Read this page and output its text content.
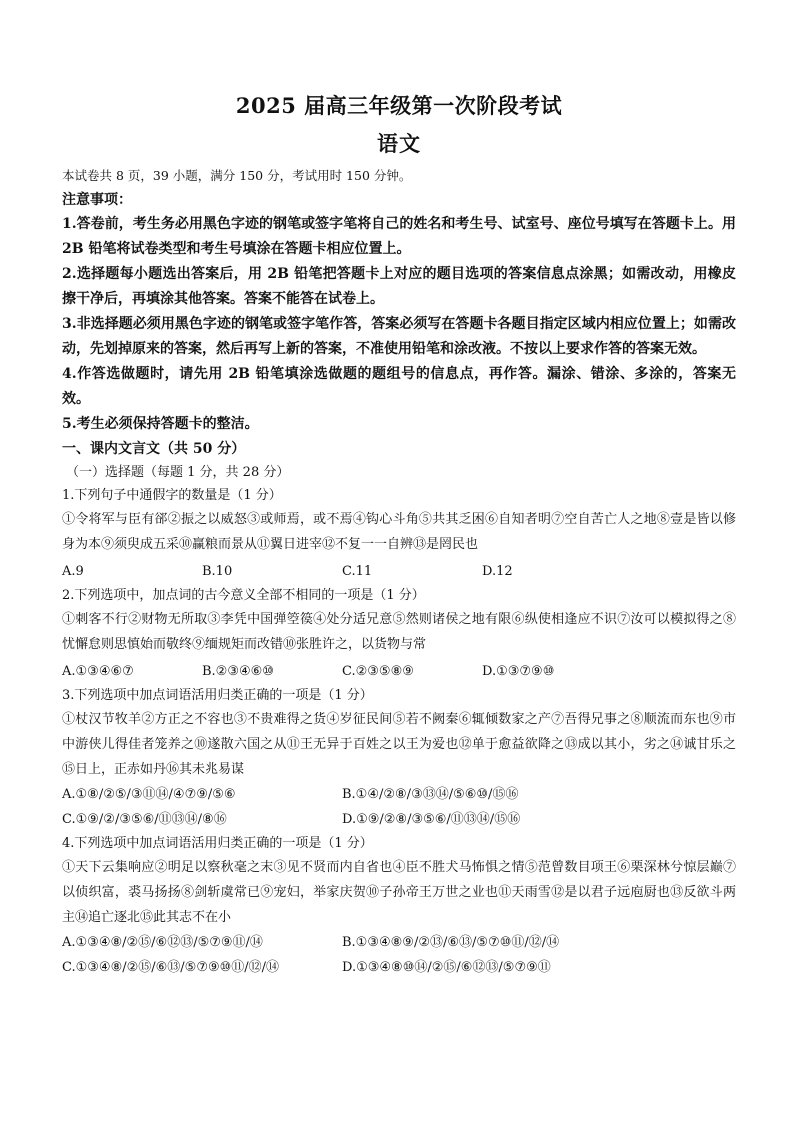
2025 届高三年级第一次阶段考试
语文

本试卷共 8 页，39 小题，满分 150 分，考试用时 150 分钟。

注意事项：

1.答卷前，考生务必用黑色字迹的钢笔或签字笔将自己的姓名和考生号、试室号、座位号填写在答题卡上。用 2B 铅笔将试卷类型和考生号填涂在答题卡相应位置上。

2.选择题每小题选出答案后，用 2B 铅笔把答题卡上对应的题目选项的答案信息点涂黑；如需改动，用橡皮擦干净后，再填涂其他答案。答案不能答在试卷上。

3.非选择题必须用黑色字迹的钢笔或签字笔作答，答案必须写在答题卡各题目指定区域内相应位置上；如需改动，先划掉原来的答案，然后再写上新的答案，不准使用铅笔和涂改液。不按以上要求作答的答案无效。

4.作答选做题时，请先用 2B 铅笔填涂选做题的题组号的信息点，再作答。漏涂、错涂、多涂的，答案无效。

5.考生必须保持答题卡的整洁。

一、课内文言文（共 50 分）

（一）选择题（每题 1 分，共 28 分）

1.下列句子中通假字的数量是（1 分）

①令将军与臣有郤②振之以威怒③或师焉，或不焉④钩心斗角⑤共其乏困⑥自知者明⑦空自苦亡人之地⑧壹是皆以修身为本⑨须臾成五采⑩赢粮而景从⑪翼日进宰⑫不复一一自辨⑬是罔民也

A.9	B.10	C.11	D.12

2.下列选项中，加点词的古今意义全部不相同的一项是（1 分）

①刺客不行②财物无所取③李凭中国弹箜篌④处分适兄意⑤然则诸侯之地有限⑥纵使相逢应不识⑦汝可以模拟得之⑧忧懈怠则思慎始而敬终⑨缅规矩而改错⑩张胜许之，以货物与常

A.①③④⑥⑦	B.②③④⑥⑩	C.②③⑤⑧⑨	D.①③⑦⑨⑩

3.下列选项中加点词语活用归类正确的一项是（1 分）

①杖汉节牧羊②方正之不容也③不贵难得之货④岁征民间⑤若不阙秦⑥辄倾数家之产⑦吾得兄事之⑧顺流而东也⑨市中游侠儿得佳者笼养之⑩遂散六国之从⑪王无异于百姓之以王为爱也⑫单于愈益欲降之⑬成以其小，劣之⑭诚甘乐之⑮日上，正赤如丹⑯其未兆易谋

A.①⑧/②⑤/③⑪⑭/④⑦⑨/⑤⑥	B.①④/②⑧/③⑬⑭/⑤⑥⑩/⑮⑯
C.①⑨/②/③⑤⑥/⑪⑬⑭/⑧⑯	D.①⑨/②⑧/③⑤⑥/⑪⑬⑭/⑮⑯

4.下列选项中加点词语活用归类正确的一项是（1 分）

①天下云集响应②明足以察秋毫之末③见不贤而内自省也④臣不胜犬马怖惧之情⑤范曾数目项王⑥栗深林兮惊层巅⑦以侦织富，裘马扬扬⑧剑斩虞常已⑨宠妇，举家庆贺⑩子孙帝王万世之业也⑪天雨雪⑫是以君子远庖厨也⑬反欲斗两主⑭追亡逐北⑮此其志不在小

A.①③④⑧/②⑮/⑥⑫⑬/⑤⑦⑨⑪/⑭	B.①③④⑧⑨/②⑬/⑥⑬/⑤⑦⑩⑪/⑫/⑭
C.①③④⑧/②⑮/⑥⑬/⑤⑦⑨⑩⑪/⑫/⑭	D.①③④⑧⑩⑭/②⑮/⑥⑫⑬/⑤⑦⑨⑪
